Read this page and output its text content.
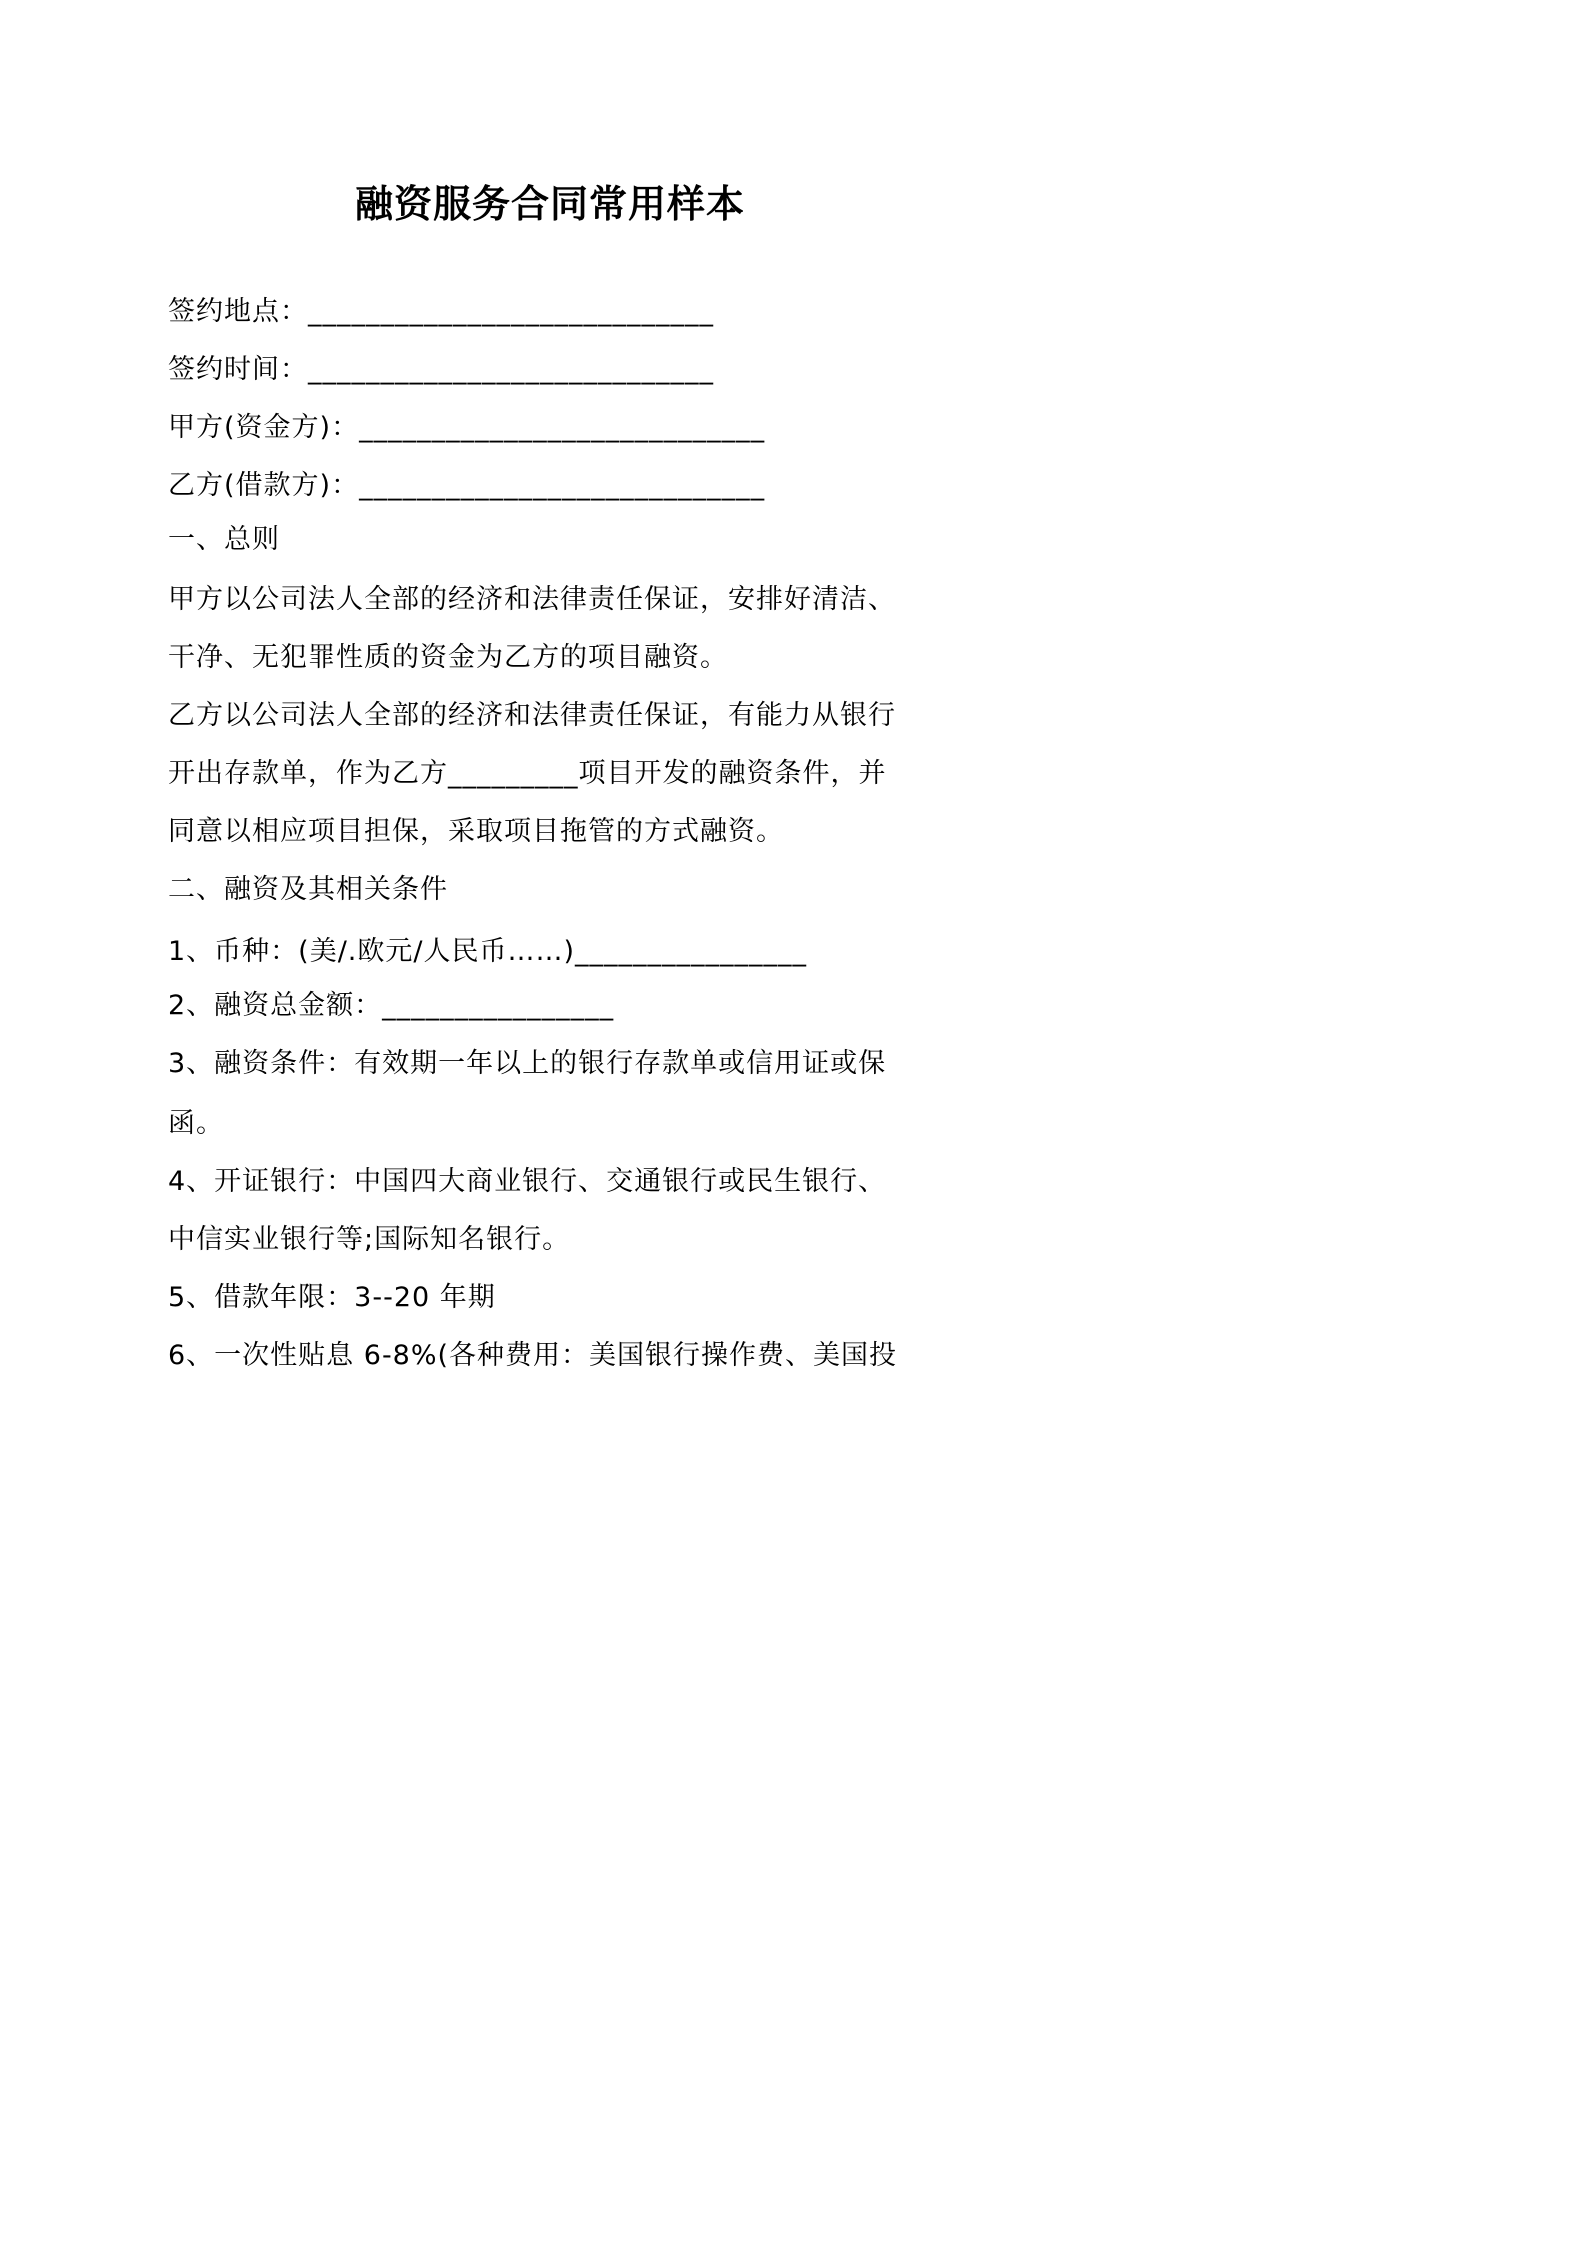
融资服务合同常用样本
签约地点：____________________________
签约时间：____________________________
甲方(资金方)：____________________________
乙方(借款方)：____________________________
一、总则
甲方以公司法人全部的经济和法律责任保证，安排好清洁、
干净、无犯罪性质的资金为乙方的项目融资。
乙方以公司法人全部的经济和法律责任保证，有能力从银行
开出存款单，作为乙方_________项目开发的融资条件，并
同意以相应项目担保，采取项目拖管的方式融资。
二、融资及其相关条件
1、币种：(美/.欧元/人民币……)________________
2、融资总金额：________________
3、融资条件：有效期一年以上的银行存款单或信用证或保
函。
4、开证银行：中国四大商业银行、交通银行或民生银行、
中信实业银行等;国际知名银行。
5、借款年限：3--20 年期
6、一次性贴息 6-8%(各种费用：美国银行操作费、美国投
